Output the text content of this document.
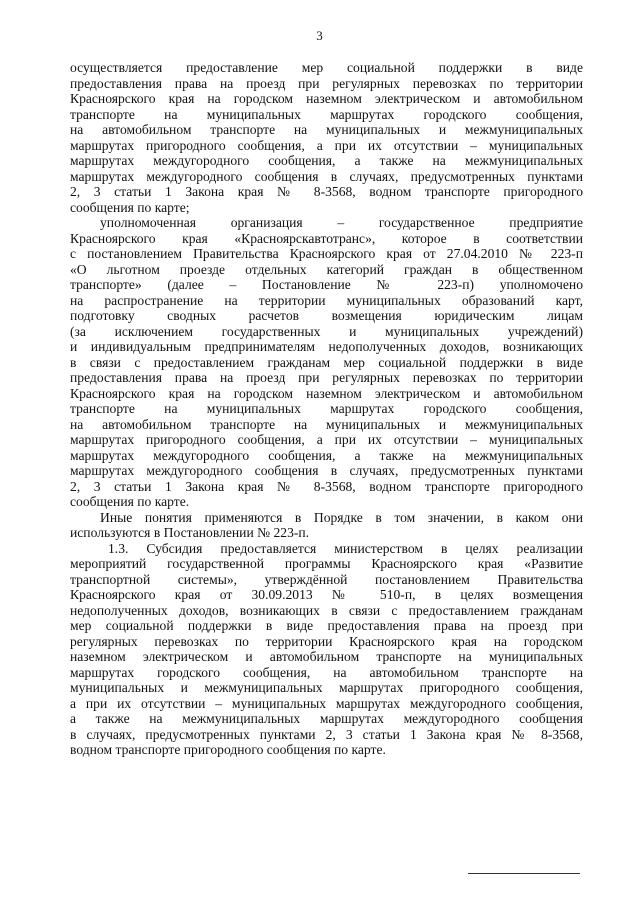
3
осуществляется предоставление мер социальной поддержки в виде
предоставления права на проезд при регулярных перевозках по территории
Красноярского края на городском наземном электрическом и автомобильном
транспорте на муниципальных маршрутах городского сообщения,
на автомобильном транспорте на муниципальных и межмуниципальных
маршрутах пригородного сообщения, а при их отсутствии – муниципальных
маршрутах междугородного сообщения, а также на межмуниципальных
маршрутах междугородного сообщения в случаях, предусмотренных пунктами
2, 3 статьи 1 Закона края № 8-3568, водном транспорте пригородного
сообщения по карте;
уполномоченная организация – государственное предприятие
Красноярского края «Красноярскавтотранс», которое в соответствии
с постановлением Правительства Красноярского края от 27.04.2010 № 223-п
«О льготном проезде отдельных категорий граждан в общественном
транспорте» (далее – Постановление № 223-п) уполномочено
на распространение на территории муниципальных образований карт,
подготовку сводных расчетов возмещения юридическим лицам
(за исключением государственных и муниципальных учреждений)
и индивидуальным предпринимателям недополученных доходов, возникающих
в связи с предоставлением гражданам мер социальной поддержки в виде
предоставления права на проезд при регулярных перевозках по территории
Красноярского края на городском наземном электрическом и автомобильном
транспорте на муниципальных маршрутах городского сообщения,
на автомобильном транспорте на муниципальных и межмуниципальных
маршрутах пригородного сообщения, а при их отсутствии – муниципальных
маршрутах междугородного сообщения, а также на межмуниципальных
маршрутах междугородного сообщения в случаях, предусмотренных пунктами
2, 3 статьи 1 Закона края № 8-3568, водном транспорте пригородного
сообщения по карте.
Иные понятия применяются в Порядке в том значении, в каком они
используются в Постановлении № 223-п.
1.3. Субсидия предоставляется министерством в целях реализации
мероприятий государственной программы Красноярского края «Развитие
транспортной системы», утверждённой постановлением Правительства
Красноярского края от 30.09.2013 № 510-п, в целях возмещения
недополученных доходов, возникающих в связи с предоставлением гражданам
мер социальной поддержки в виде предоставления права на проезд при
регулярных перевозках по территории Красноярского края на городском
наземном электрическом и автомобильном транспорте на муниципальных
маршрутах городского сообщения, на автомобильном транспорте на
муниципальных и межмуниципальных маршрутах пригородного сообщения,
а при их отсутствии – муниципальных маршрутах междугородного сообщения,
а также на межмуниципальных маршрутах междугородного сообщения
в случаях, предусмотренных пунктами 2, 3 статьи 1 Закона края № 8-3568,
водном транспорте пригородного сообщения по карте.
